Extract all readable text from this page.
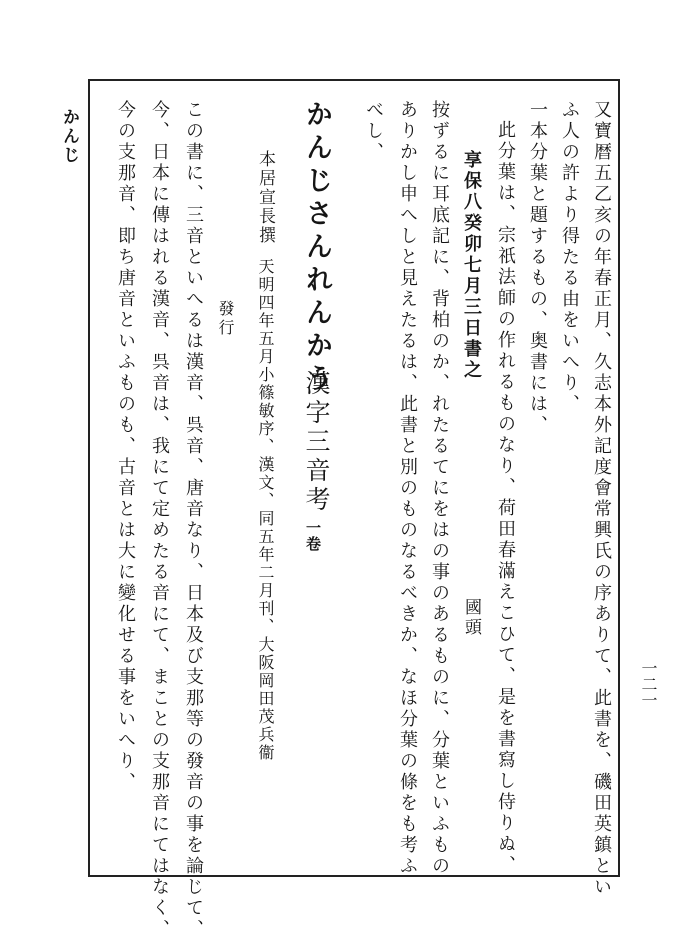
かんじ
一二一

又寶暦五乙亥の年春正月、久志本外記度會常興氏の序ありて、此書を、磯田英鎮とい

ふ人の許より得たる由をいへり、

一本分葉と題するもの、奥書には、

此分葉は、宗祇法師の作れるものなり、荷田春滿えこひて、是を書寫し侍りぬ、

享保八癸卯七月三日書之

國頭

按ずるに耳底記に、背柏のか、れたるてにをはの事のあるものに、分葉といふもの

ありかし申へしと見えたるは、此書と別のものなるべきか、なほ分葉の條をも考ふ

べし、

かんじさんれんかう
漢字三音考
一卷
本居宣長撰
天明四年五月小篠敏序、漢文、同五年二月刊、大阪岡田茂兵衞
發行

この書に、三音といへるは漢音、呉音、唐音なり、日本及び支那等の發音の事を論じて、

今、日本に傳はれる漢音、呉音は、我にて定めたる音にて、まことの支那音にてはなく、

今の支那音、即ち唐音といふものも、古音とは大に變化せる事をいへり、
